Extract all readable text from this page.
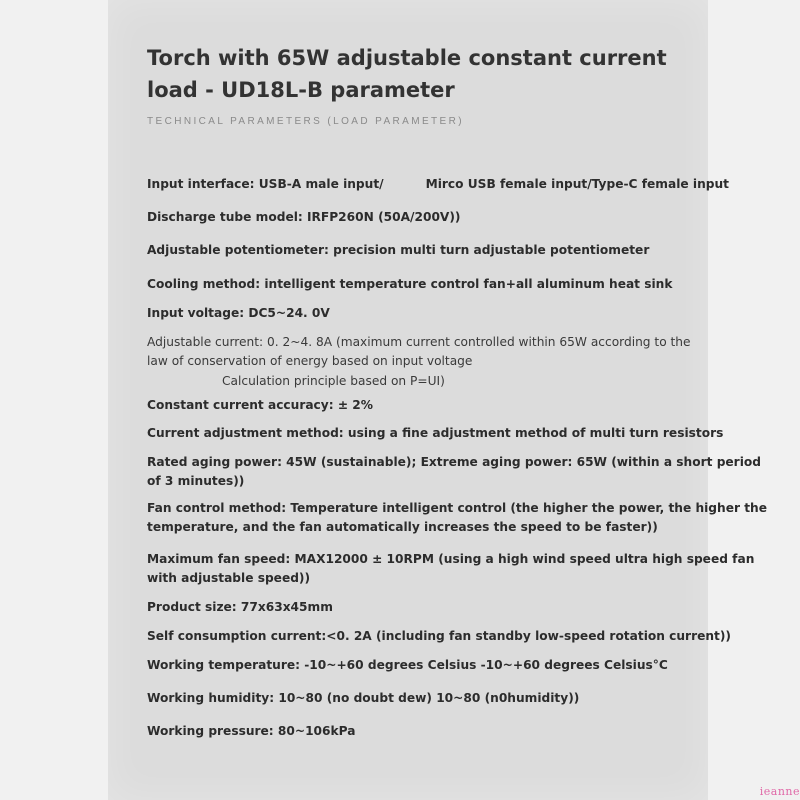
Torch with 65W adjustable constant current load - UD18L-B parameter
TECHNICAL PARAMETERS (LOAD PARAMETER)

Input interface: USB-A male input/	Mirco USB female input/Type-C female input

Discharge tube model: IRFP260N (50A/200V))

Adjustable potentiometer: precision multi turn adjustable potentiometer

Cooling method: intelligent temperature control fan+all aluminum heat sink

Input voltage: DC5~24. 0V

Adjustable current: 0. 2~4. 8A (maximum current controlled within 65W according to the

law of conservation of energy based on input voltage

Calculation principle based on P=UI)

Constant current accuracy: ± 2%

Current adjustment method: using a fine adjustment method of multi turn resistors

Rated aging power: 45W (sustainable); Extreme aging power: 65W (within a short period

of 3 minutes))

Fan control method: Temperature intelligent control (the higher the power, the higher the

temperature, and the fan automatically increases the speed to be faster))

Maximum fan speed: MAX12000 ± 10RPM (using a high wind speed ultra high speed fan

with adjustable speed))

Product size: 77x63x45mm

Self consumption current:<0. 2A (including fan standby low-speed rotation current))

Working temperature: -10~+60 degrees Celsius -10~+60 degrees Celsius°C

Working humidity: 10~80 (no doubt dew) 10~80 (n0humidity))

Working pressure: 80~106kPa

ieanne
